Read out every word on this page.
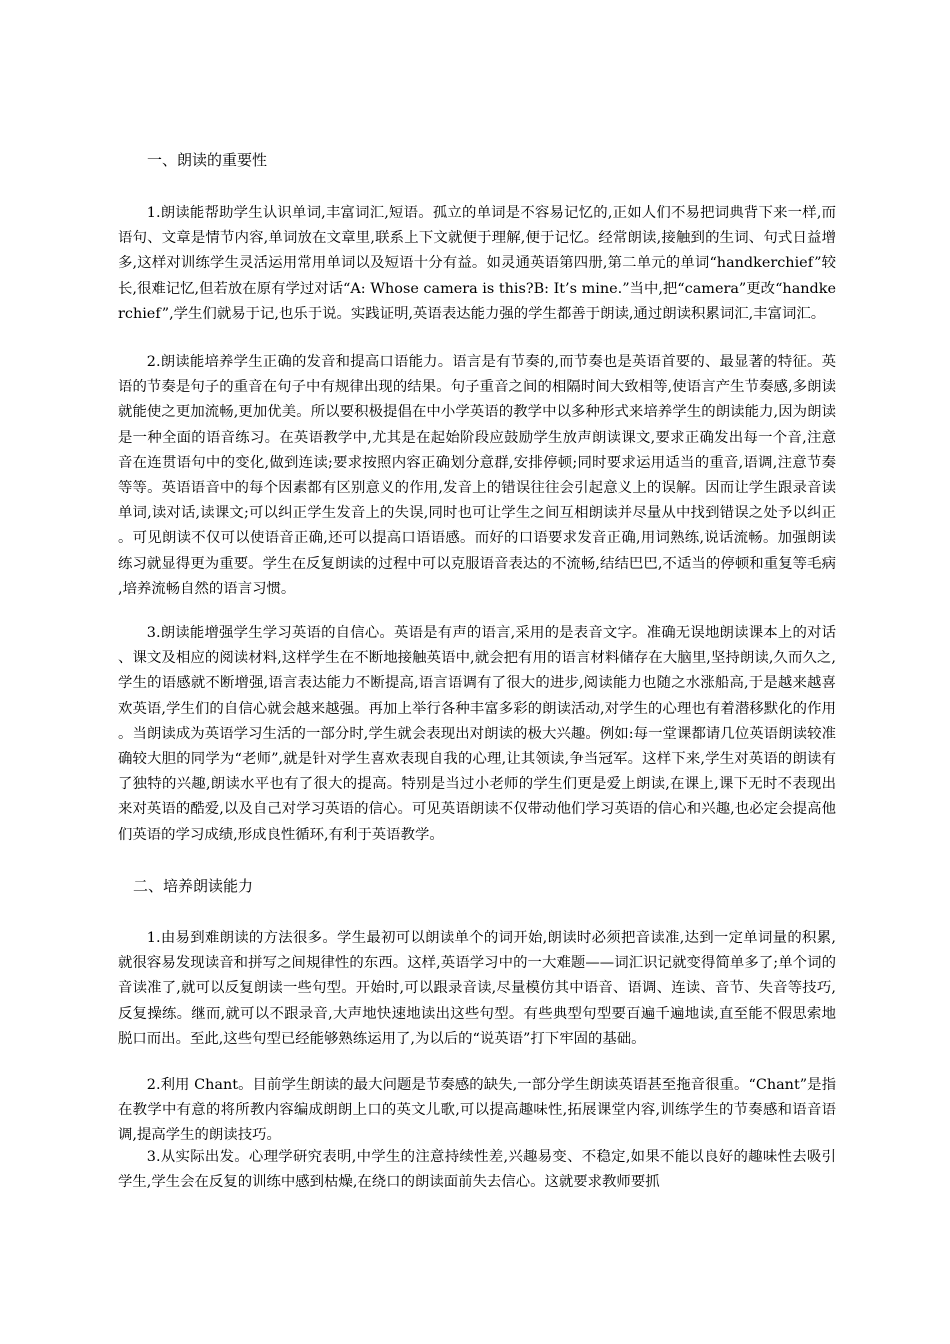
一、朗读的重要性

1.朗读能帮助学生认识单词,丰富词汇,短语。孤立的单词是不容易记忆的,正如人们不易把词典背下来一样,而语句、文章是情节内容,单词放在文章里,联系上下文就便于理解,便于记忆。经常朗读,接触到的生词、句式日益增多,这样对训练学生灵活运用常用单词以及短语十分有益。如灵通英语第四册,第二单元的单词“handkerchief”较长,很难记忆,但若放在原有学过对话“A: Whose camera is this?B: It’s mine.”当中,把“camera”更改“handkerchief”,学生们就易于记,也乐于说。实践证明,英语表达能力强的学生都善于朗读,通过朗读积累词汇,丰富词汇。

2.朗读能培养学生正确的发音和提高口语能力。语言是有节奏的,而节奏也是英语首要的、最显著的特征。英语的节奏是句子的重音在句子中有规律出现的结果。句子重音之间的相隔时间大致相等,使语言产生节奏感,多朗读就能使之更加流畅,更加优美。所以要积极提倡在中小学英语的教学中以多种形式来培养学生的朗读能力,因为朗读是一种全面的语音练习。在英语教学中,尤其是在起始阶段应鼓励学生放声朗读课文,要求正确发出每一个音,注意音在连贯语句中的变化,做到连读;要求按照内容正确划分意群,安排停顿;同时要求运用适当的重音,语调,注意节奏等等。英语语音中的每个因素都有区别意义的作用,发音上的错误往往会引起意义上的误解。因而让学生跟录音读单词,读对话,读课文;可以纠正学生发音上的失误,同时也可让学生之间互相朗读并尽量从中找到错误之处予以纠正。可见朗读不仅可以使语音正确,还可以提高口语语感。而好的口语要求发音正确,用词熟练,说话流畅。加强朗读练习就显得更为重要。学生在反复朗读的过程中可以克服语音表达的不流畅,结结巴巴,不适当的停顿和重复等毛病,培养流畅自然的语言习惯。

3.朗读能增强学生学习英语的自信心。英语是有声的语言,采用的是表音文字。准确无误地朗读课本上的对话、课文及相应的阅读材料,这样学生在不断地接触英语中,就会把有用的语言材料储存在大脑里,坚持朗读,久而久之,学生的语感就不断增强,语言表达能力不断提高,语言语调有了很大的进步,阅读能力也随之水涨船高,于是越来越喜欢英语,学生们的自信心就会越来越强。再加上举行各种丰富多彩的朗读活动,对学生的心理也有着潜移默化的作用。当朗读成为英语学习生活的一部分时,学生就会表现出对朗读的极大兴趣。例如:每一堂课都请几位英语朗读较准确较大胆的同学为“老师”,就是针对学生喜欢表现自我的心理,让其领读,争当冠军。这样下来,学生对英语的朗读有了独特的兴趣,朗读水平也有了很大的提高。特别是当过小老师的学生们更是爱上朗读,在课上,课下无时不表现出来对英语的酷爱,以及自己对学习英语的信心。可见英语朗读不仅带动他们学习英语的信心和兴趣,也必定会提高他们英语的学习成绩,形成良性循环,有利于英语教学。

二、培养朗读能力

1.由易到难朗读的方法很多。学生最初可以朗读单个的词开始,朗读时必须把音读准,达到一定单词量的积累,就很容易发现读音和拼写之间規律性的东西。这样,英语学习中的一大难题——词汇识记就变得简单多了;单个词的音读准了,就可以反复朗读一些句型。开始时,可以跟录音读,尽量模仿其中语音、语调、连读、音节、失音等技巧,反复操练。继而,就可以不跟录音,大声地快速地读出这些句型。有些典型句型要百遍千遍地读,直至能不假思索地脱口而出。至此,这些句型已经能够熟练运用了,为以后的“说英语”打下牢固的基础。

2.利用 Chant。目前学生朗读的最大问题是节奏感的缺失,一部分学生朗读英语甚至拖音很重。“Chant”是指在教学中有意的将所教内容编成朗朗上口的英文儿歌,可以提高趣味性,拓展课堂内容,训练学生的节奏感和语音语调,提高学生的朗读技巧。

3.从实际出发。心理学研究表明,中学生的注意持续性差,兴趣易变、不稳定,如果不能以良好的趣味性去吸引学生,学生会在反复的训练中感到枯燥,在绕口的朗读面前失去信心。这就要求教师要抓
